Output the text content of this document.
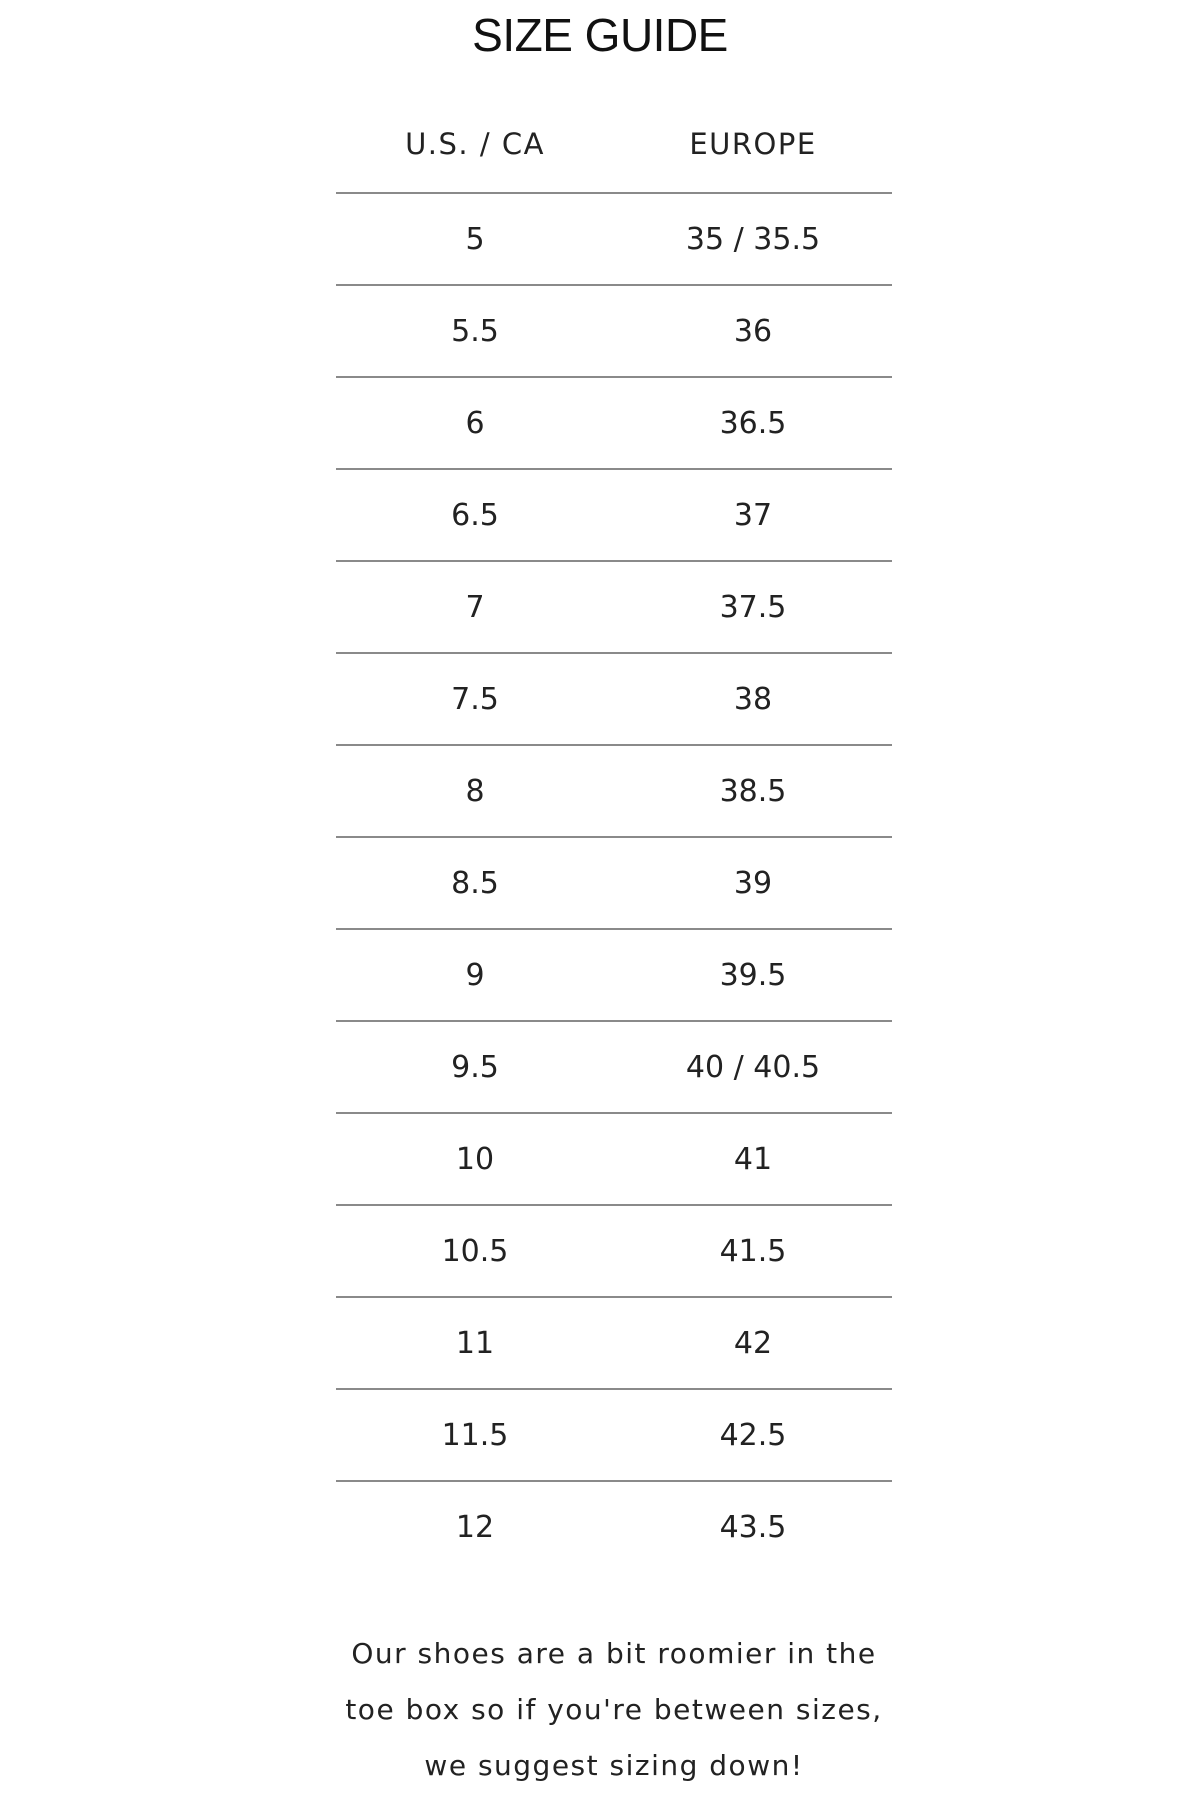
SIZE GUIDE
U.S. / CA	EUROPE
5	35 / 35.5
5.5	36
6	36.5
6.5	37
7	37.5
7.5	38
8	38.5
8.5	39
9	39.5
9.5	40 / 40.5
10	41
10.5	41.5
11	42
11.5	42.5
12	43.5

Our shoes are a bit roomier in the
toe box so if you're between sizes,
we suggest sizing down!
